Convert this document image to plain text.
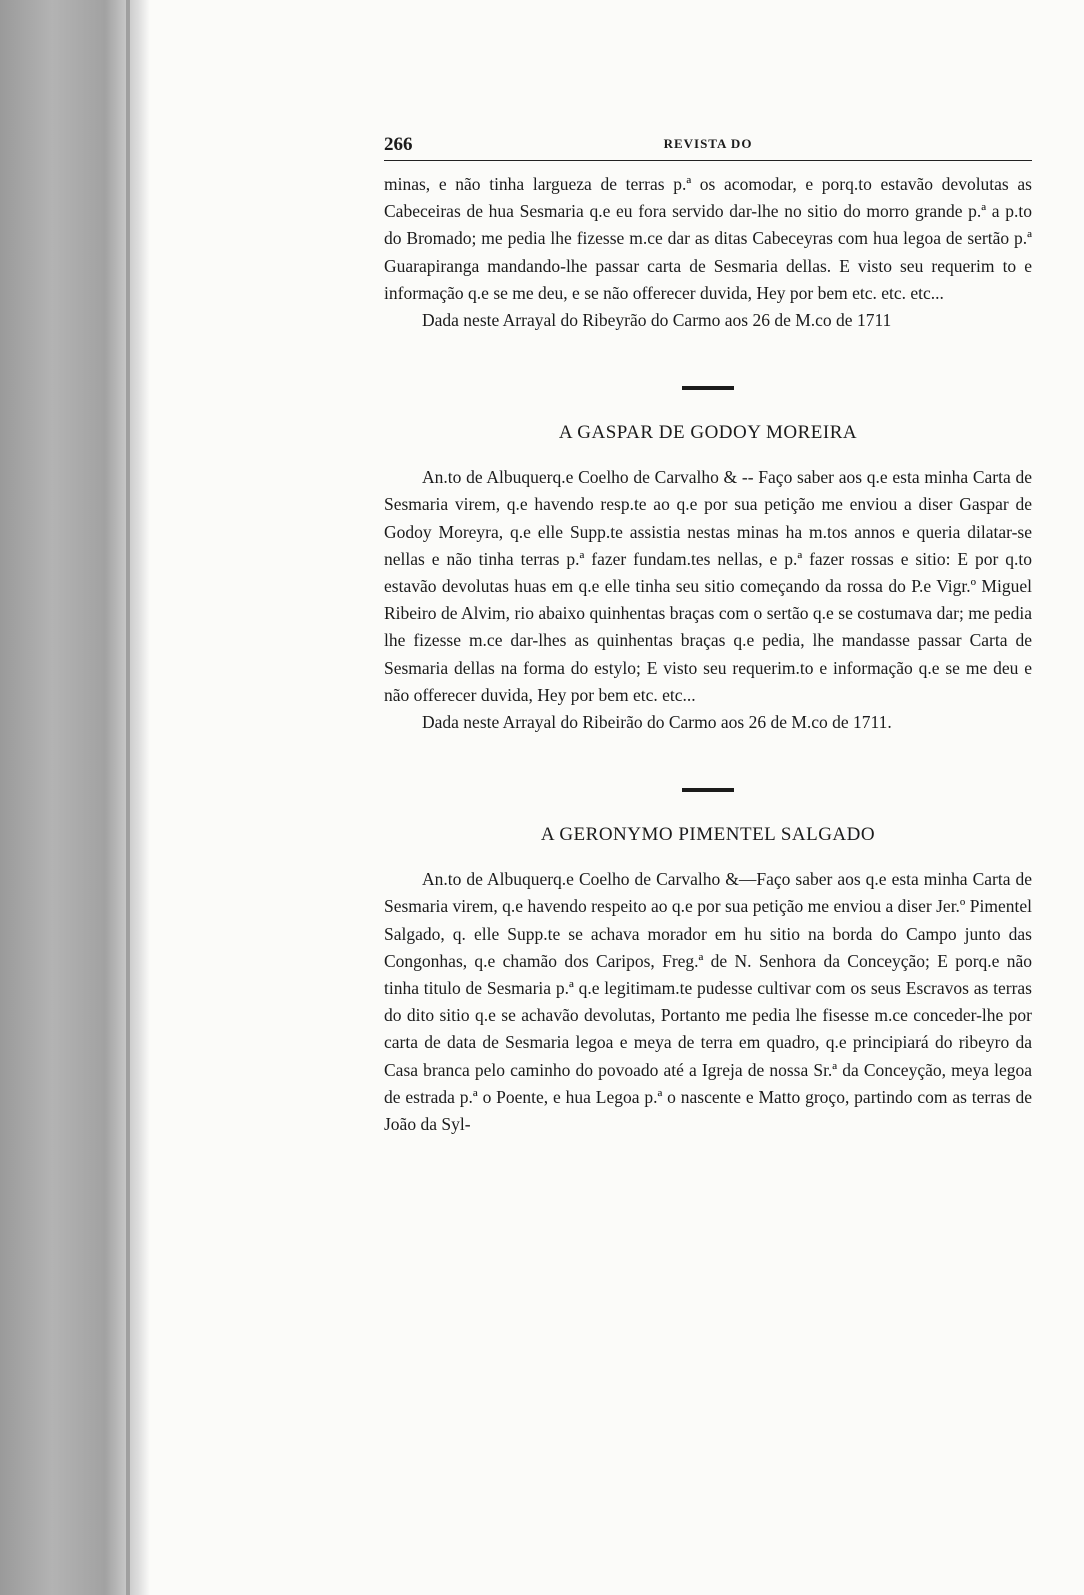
266	REVISTA DO

minas, e não tinha largueza de terras p.ª os acomodar, e porq.to estavão devolutas as Cabeceiras de hua Sesmaria q.e eu fora servido dar-lhe no sitio do morro grande p.ª a p.to do Bromado; me pedia lhe fizesse m.ce dar as ditas Cabeceyras com hua legoa de sertão p.ª Guarapiranga mandando-lhe passar carta de Sesmaria dellas. E visto seu requerim to e informação q.e se me deu, e se não offerecer duvida, Hey por bem etc. etc. etc...

Dada neste Arrayal do Ribeyrão do Carmo aos 26 de M.co de 1711

A GASPAR DE GODOY MOREIRA

An.to de Albuquerq.e Coelho de Carvalho & -- Faço saber aos q.e esta minha Carta de Sesmaria virem, q.e havendo resp.te ao q.e por sua petição me enviou a diser Gaspar de Godoy Moreyra, q.e elle Supp.te assistia nestas minas ha m.tos annos e queria dilatar-se nellas e não tinha terras p.ª fazer fundam.tes nellas, e p.ª fazer rossas e sitio: E por q.to estavão devolutas huas em q.e elle tinha seu sitio começando da rossa do P.e Vigr.º Miguel Ribeiro de Alvim, rio abaixo quinhentas braças com o sertão q.e se costumava dar; me pedia lhe fizesse m.ce dar-lhes as quinhentas braças q.e pedia, lhe mandasse passar Carta de Sesmaria dellas na forma do estylo; E visto seu requerim.to e informação q.e se me deu e não offerecer duvida, Hey por bem etc. etc...

Dada neste Arrayal do Ribeirão do Carmo aos 26 de M.co de 1711.

A GERONYMO PIMENTEL SALGADO

An.to de Albuquerq.e Coelho de Carvalho &—Faço saber aos q.e esta minha Carta de Sesmaria virem, q.e havendo respeito ao q.e por sua petição me enviou a diser Jer.º Pimentel Salgado, q. elle Supp.te se achava morador em hu sitio na borda do Campo junto das Congonhas, q.e chamão dos Caripos, Freg.ª de N. Senhora da Conceyção; E porq.e não tinha titulo de Sesmaria p.ª q.e legitimam.te pudesse cultivar com os seus Escravos as terras do dito sitio q.e se achavão devolutas, Portanto me pedia lhe fisesse m.ce conceder-lhe por carta de data de Sesmaria legoa e meya de terra em quadro, q.e principiará do ribeyro da Casa branca pelo caminho do povoado até a Igreja de nossa Sr.ª da Conceyção, meya legoa de estrada p.ª o Poente, e hua Legoa p.ª o nascente e Matto groço, partindo com as terras de João da Syl-
